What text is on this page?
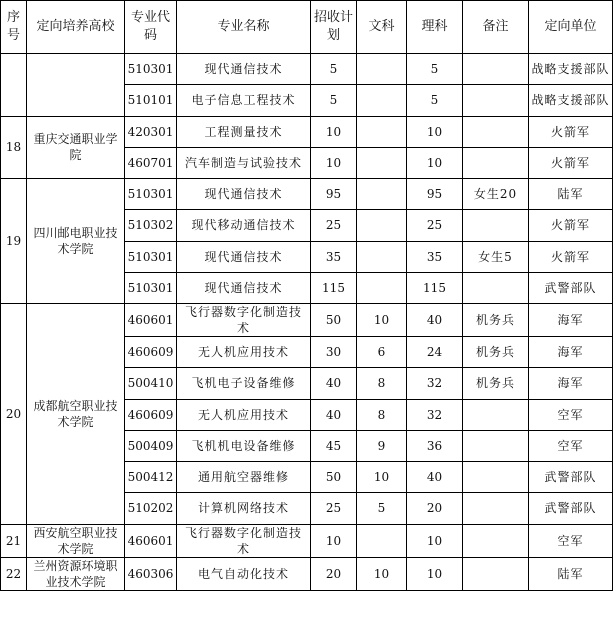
序号	定向培养高校	专业代码	专业名称	招收计划	文科	理科	备注	定向单位
		510301	现代通信技术	5		5		战略支援部队
		510101	电子信息工程技术	5		5		战略支援部队
18	重庆交通职业学院	420301	工程测量技术	10		10		火箭军
		460701	汽车制造与试验技术	10		10		火箭军
19	四川邮电职业技术学院	510301	现代通信技术	95		95	女生20	陆军
		510302	现代移动通信技术	25		25		火箭军
		510301	现代通信技术	35		35	女生5	火箭军
		510301	现代通信技术	115		115		武警部队
20	成都航空职业技术学院	460601	飞行器数字化制造技术	50	10	40	机务兵	海军
		460609	无人机应用技术	30	6	24	机务兵	海军
		500410	飞机电子设备维修	40	8	32	机务兵	海军
		460609	无人机应用技术	40	8	32		空军
		500409	飞机机电设备维修	45	9	36		空军
		500412	通用航空器维修	50	10	40		武警部队
		510202	计算机网络技术	25	5	20		武警部队
21	西安航空职业技术学院	460601	飞行器数字化制造技术	10		10		空军
22	兰州资源环境职业技术学院	460306	电气自动化技术	20	10	10		陆军
